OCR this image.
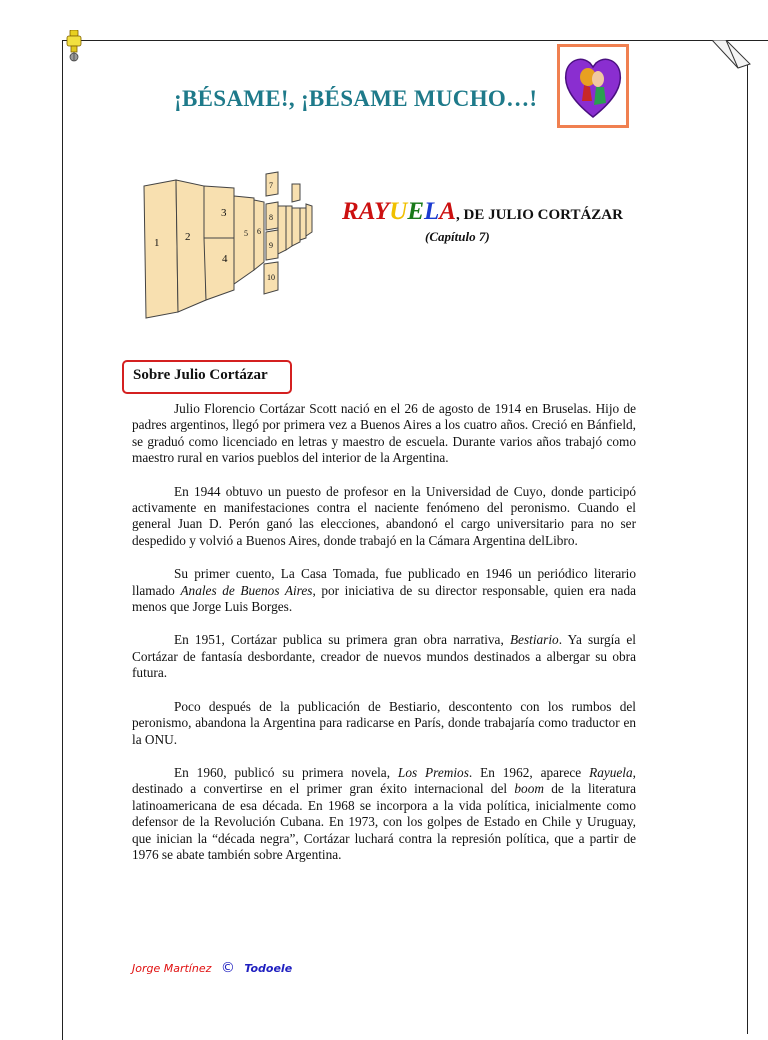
¡BÉSAME!, ¡BÉSAME MUCHO…!
1 2
3
4
5 6
7
8
9
10
RAYUELA, DE JULIO CORTÁZAR
(Capítulo 7)
Sobre Julio Cortázar

Julio Florencio Cortázar Scott nació en el 26 de agosto de 1914 en Bruselas. Hijo de padres argentinos, llegó por primera vez a Buenos Aires a los cuatro años. Creció en Bánfield, se graduó como licenciado en letras y maestro de escuela. Durante varios años trabajó como maestro rural en varios pueblos del interior de la Argentina.

En 1944 obtuvo un puesto de profesor en la Universidad de Cuyo, donde participó activamente en manifestaciones contra el naciente fenómeno del peronismo. Cuando el general Juan D. Perón ganó las elecciones, abandonó el cargo universitario para no ser despedido y volvió a Buenos Aires, donde trabajó en la Cámara Argentina delLibro.

Su primer cuento, La Casa Tomada, fue publicado en 1946 un periódico literario llamado Anales de Buenos Aires, por iniciativa de su director responsable, quien era nada menos que Jorge Luis Borges.

En 1951, Cortázar publica su primera gran obra narrativa, Bestiario. Ya surgía el Cortázar de fantasía desbordante, creador de nuevos mundos destinados a albergar su obra futura.

Poco después de la publicación de Bestiario, descontento con los rumbos del peronismo, abandona la Argentina para radicarse en París, donde trabajaría como traductor en la ONU.

En 1960, publicó su primera novela, Los Premios. En 1962, aparece Rayuela, destinado a convertirse en el primer gran éxito internacional del boom de la literatura latinoamericana de esa década. En 1968 se incorpora a la vida política, inicialmente como defensor de la Revolución Cubana. En 1973, con los golpes de Estado en Chile y Uruguay, que inician la “década negra”, Cortázar luchará contra la represión política, que a partir de 1976 se abate también sobre Argentina.

Jorge Martínez © Todoele
